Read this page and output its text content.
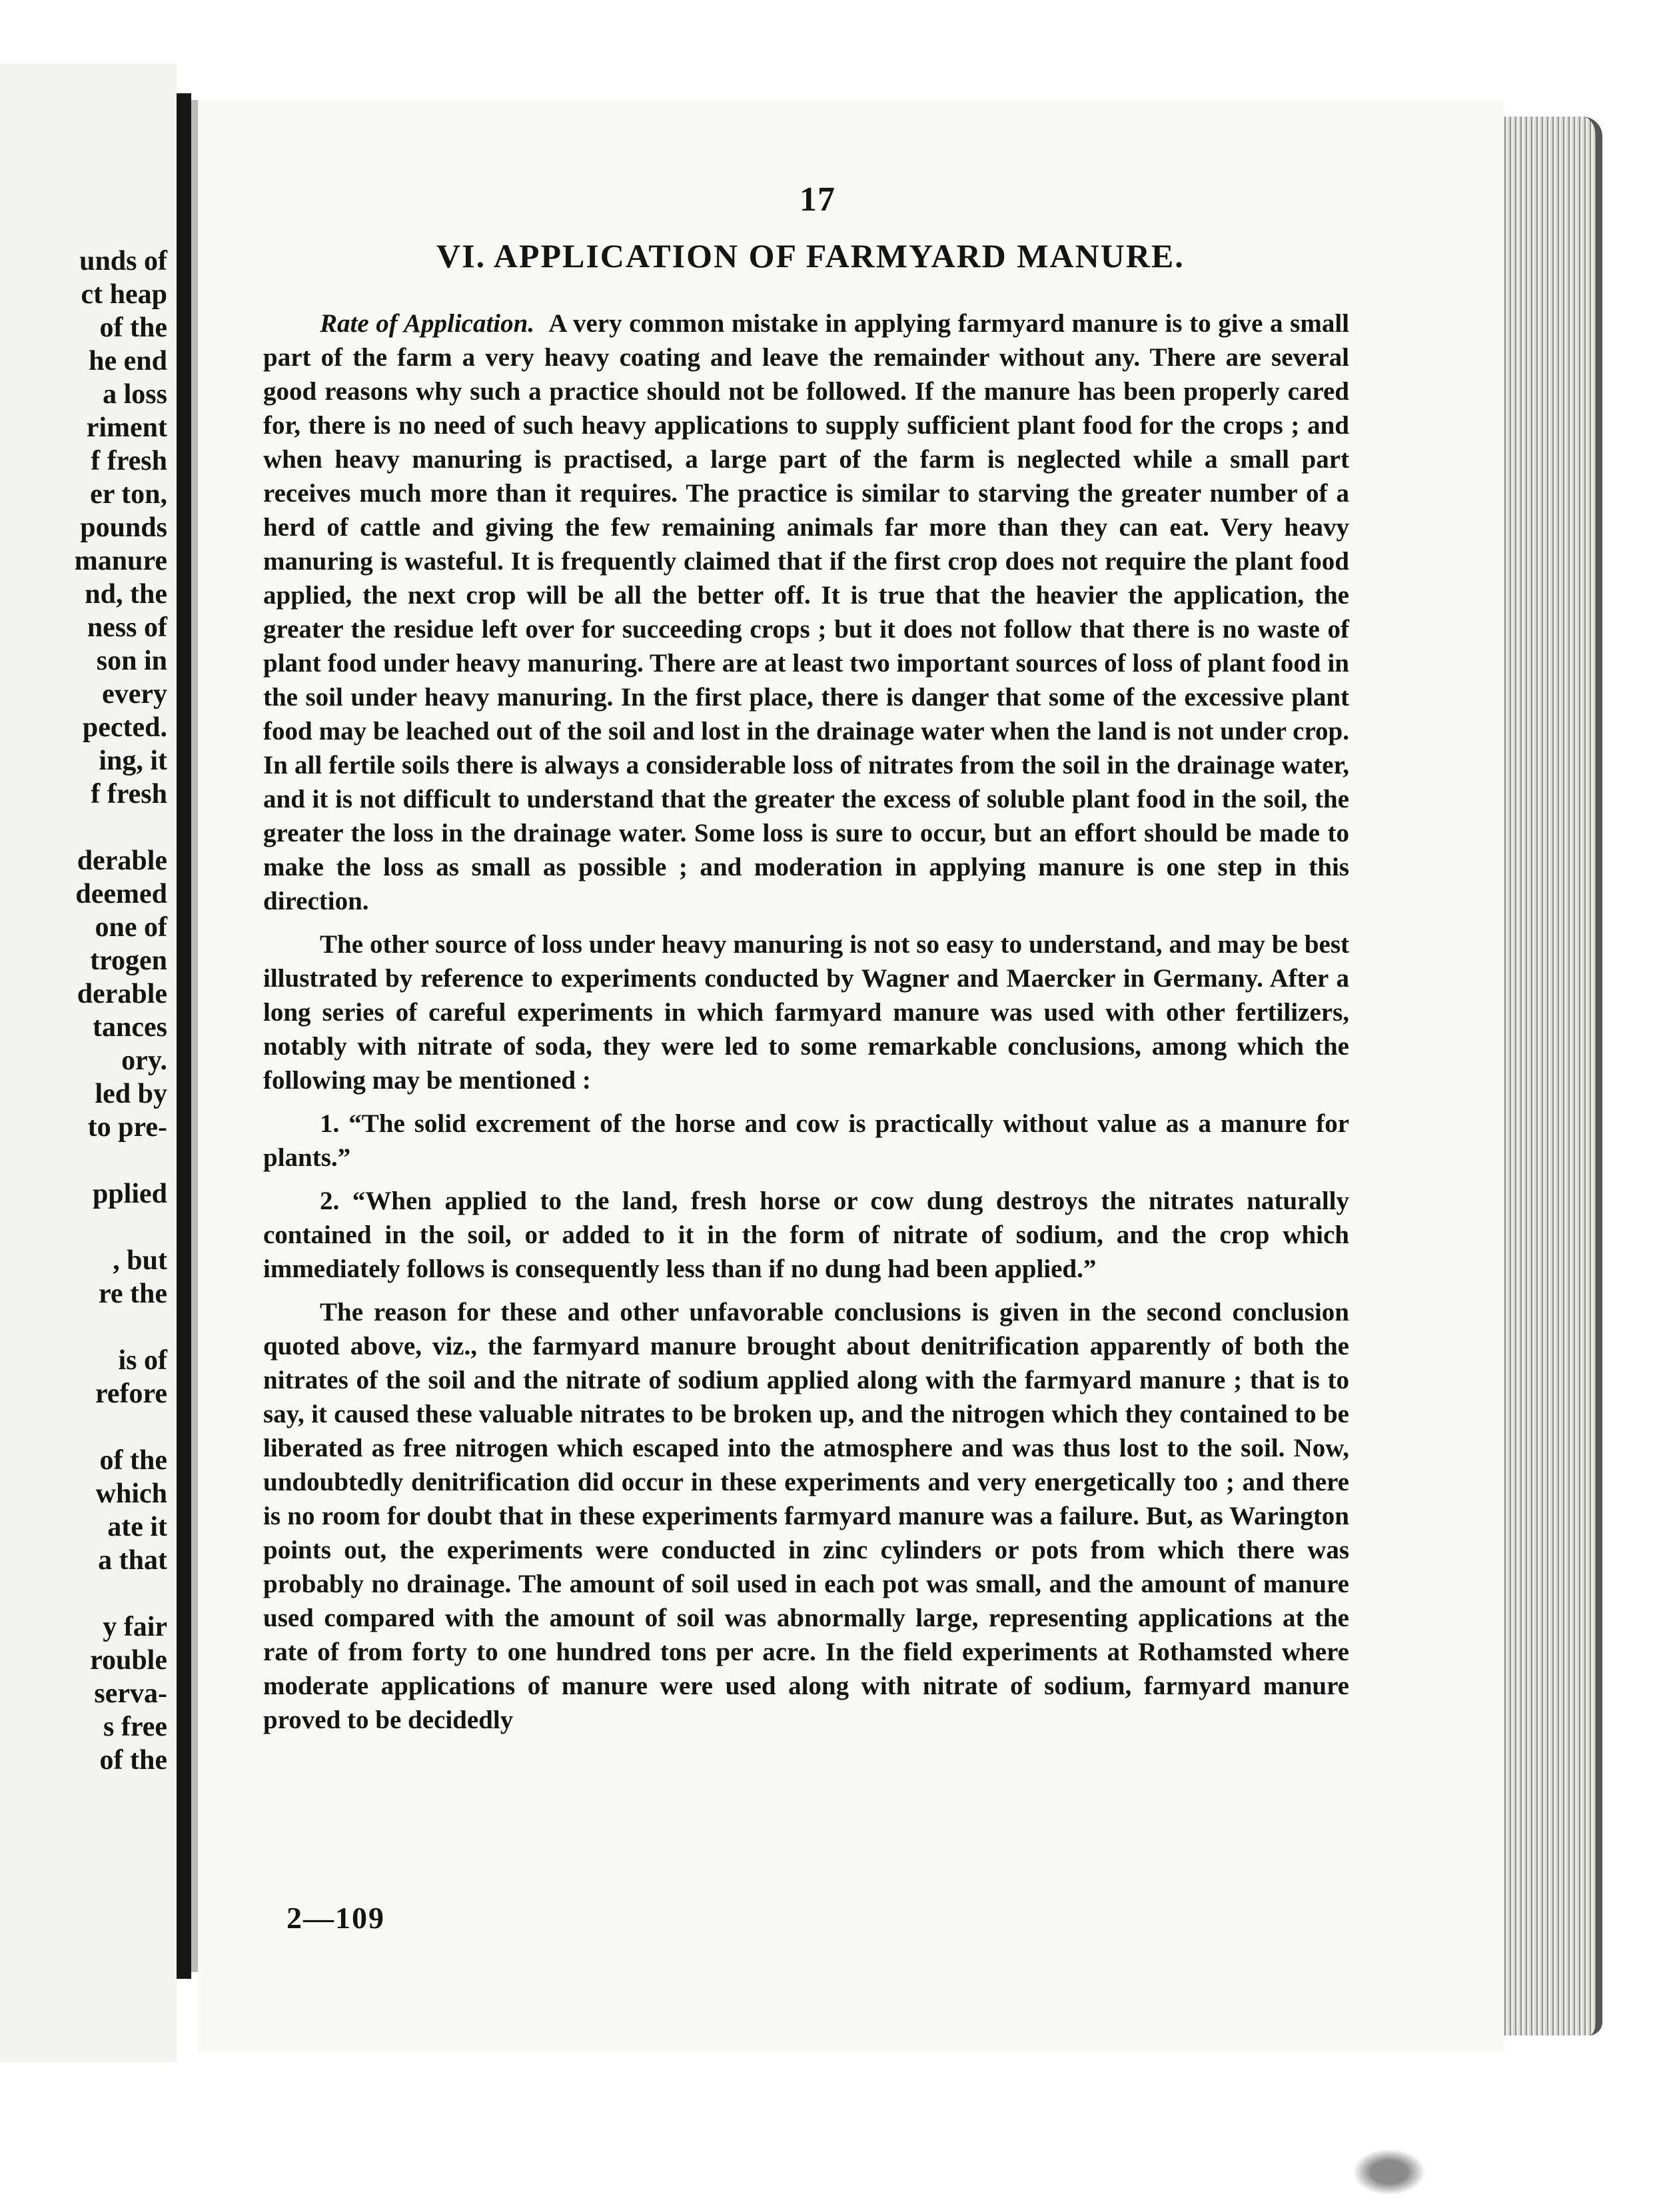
unds of
ct heap
of the
he end
a loss
riment
f fresh
er ton,
pounds
manure
nd, the
ness of
son in
every
pected.
ing, it
f fresh
derable
deemed
one of
trogen
derable
tances
ory.
led by
to pre-
pplied
, but
re the
is of
refore
of the
which
ate it
a that
y fair
rouble
serva-
s free
of the
17
VI. APPLICATION OF FARMYARD MANURE.

Rate of Application. A very common mistake in applying farmyard manure is to give a small part of the farm a very heavy coating and leave the remainder without any. There are several good reasons why such a practice should not be followed. If the manure has been properly cared for, there is no need of such heavy applications to supply sufficient plant food for the crops ; and when heavy manuring is practised, a large part of the farm is neglected while a small part receives much more than it requires. The practice is similar to starving the greater number of a herd of cattle and giving the few remaining animals far more than they can eat. Very heavy manuring is wasteful. It is frequently claimed that if the first crop does not require the plant food applied, the next crop will be all the better off. It is true that the heavier the application, the greater the residue left over for succeeding crops ; but it does not follow that there is no waste of plant food under heavy manuring. There are at least two important sources of loss of plant food in the soil under heavy manuring. In the first place, there is danger that some of the excessive plant food may be leached out of the soil and lost in the drainage water when the land is not under crop. In all fertile soils there is always a considerable loss of nitrates from the soil in the drainage water, and it is not difficult to understand that the greater the excess of soluble plant food in the soil, the greater the loss in the drainage water. Some loss is sure to occur, but an effort should be made to make the loss as small as possible ; and moderation in applying manure is one step in this direction.

The other source of loss under heavy manuring is not so easy to understand, and may be best illustrated by reference to experiments conducted by Wagner and Maercker in Germany. After a long series of careful experiments in which farmyard manure was used with other fertilizers, notably with nitrate of soda, they were led to some remarkable conclusions, among which the following may be mentioned :

1. “The solid excrement of the horse and cow is practically without value as a manure for plants.”

2. “When applied to the land, fresh horse or cow dung destroys the nitrates naturally contained in the soil, or added to it in the form of nitrate of sodium, and the crop which immediately follows is consequently less than if no dung had been applied.”

The reason for these and other unfavorable conclusions is given in the second conclusion quoted above, viz., the farmyard manure brought about denitrification apparently of both the nitrates of the soil and the nitrate of sodium applied along with the farmyard manure ; that is to say, it caused these valuable nitrates to be broken up, and the nitrogen which they contained to be liberated as free nitrogen which escaped into the atmosphere and was thus lost to the soil. Now, undoubtedly denitrification did occur in these experiments and very energetically too ; and there is no room for doubt that in these experiments farmyard manure was a failure. But, as Warington points out, the experiments were conducted in zinc cylinders or pots from which there was probably no drainage. The amount of soil used in each pot was small, and the amount of manure used compared with the amount of soil was abnormally large, representing applications at the rate of from forty to one hundred tons per acre. In the field experiments at Rothamsted where moderate applications of manure were used along with nitrate of sodium, farmyard manure proved to be decidedly

2—109
